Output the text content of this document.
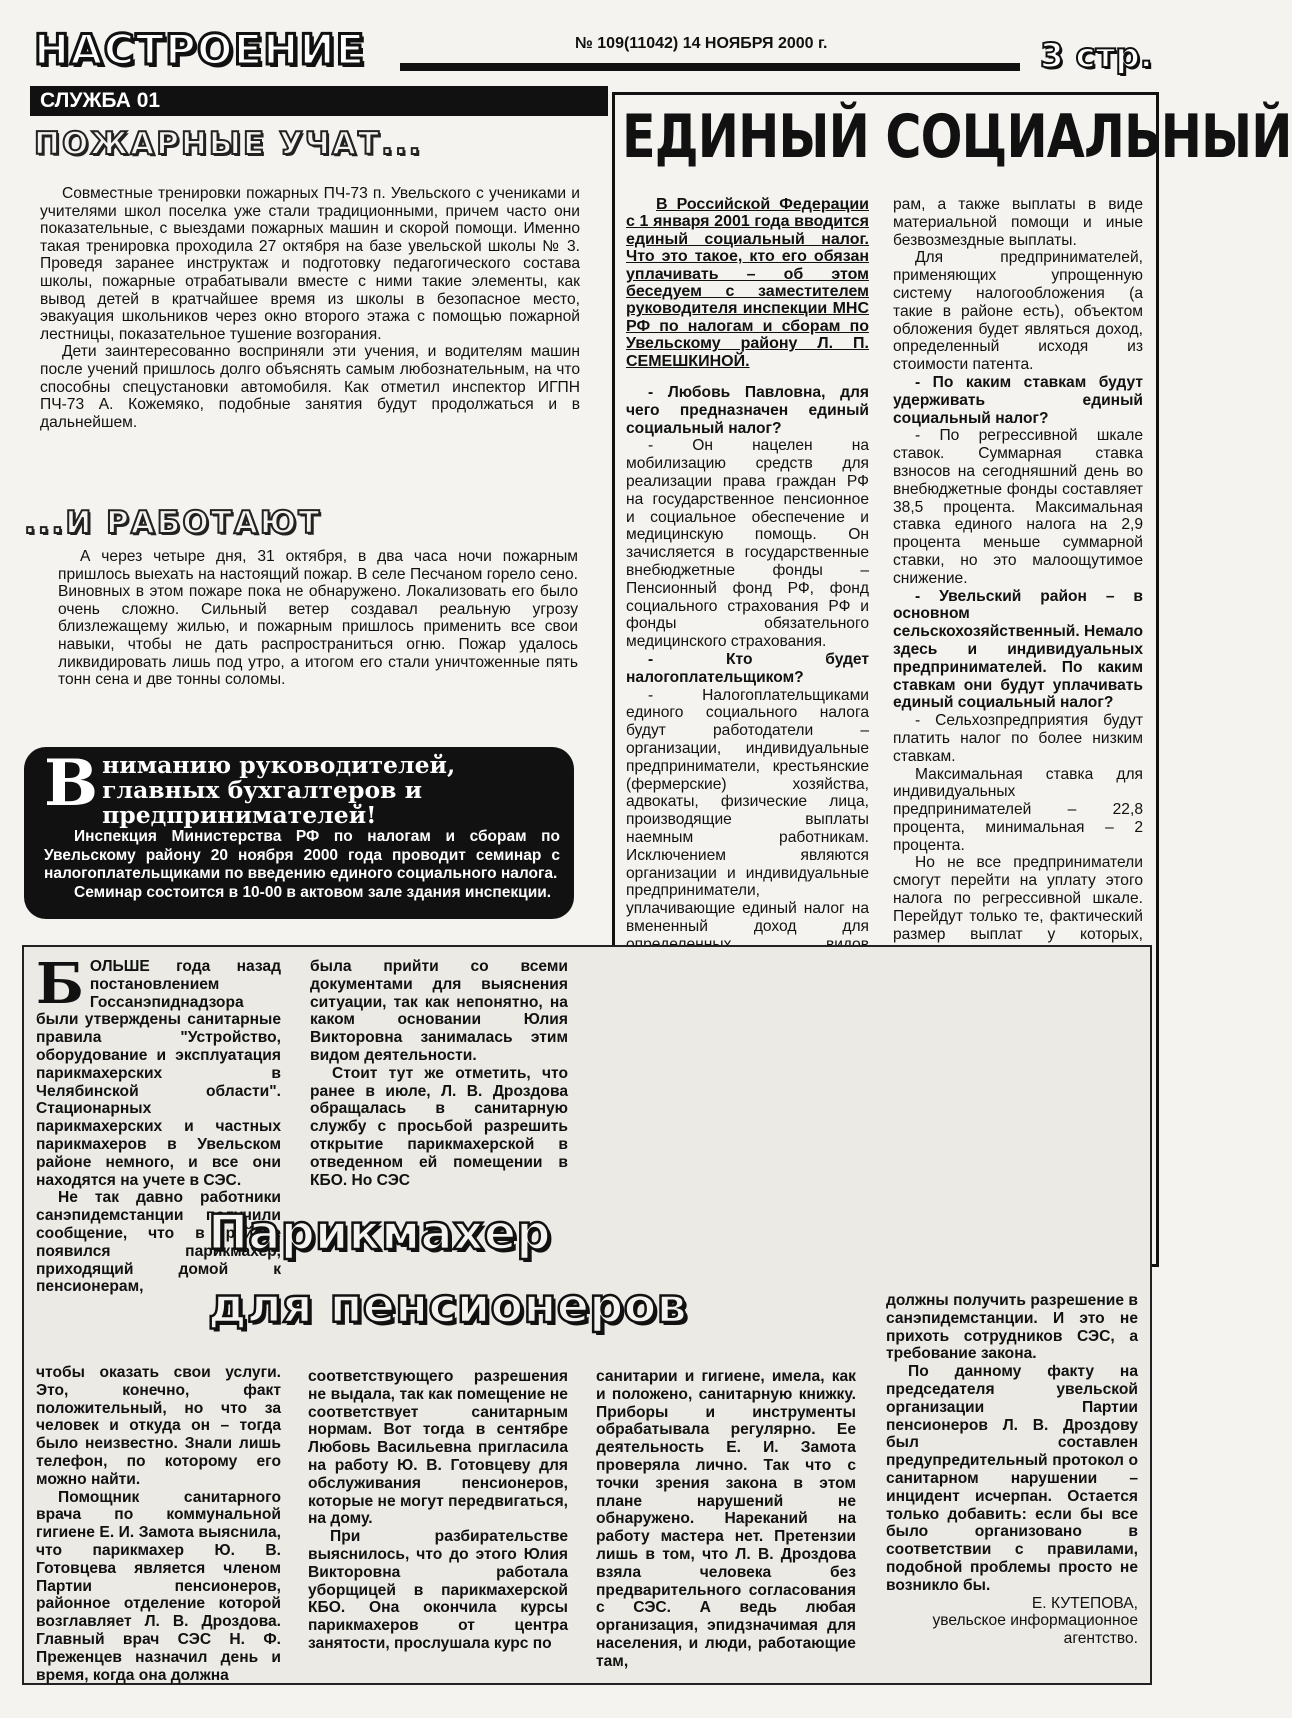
НАСТРОЕНИЕ	№ 109(11042) 14 НОЯБРЯ 2000 г.	3 стр.
СЛУЖБА 01
ПОЖАРНЫЕ УЧАТ...

Совместные тренировки пожарных ПЧ-73 п. Увельского с учениками и учителями школ поселка уже стали традиционными, причем часто они показательные, с выездами пожарных машин и скорой помощи. Именно такая тренировка проходила 27 октября на базе увельской школы № 3. Проведя заранее инструктаж и подготовку педагогического состава школы, пожарные отрабатывали вместе с ними такие элементы, как вывод детей в кратчайшее время из школы в безопасное место, эвакуация школьников через окно второго этажа с помощью пожарной лестницы, показательное тушение возгорания.

Дети заинтересованно восприняли эти учения, и водителям машин после учений пришлось долго объяснять самым любознательным, на что способны спецустановки автомобиля. Как отметил инспектор ИГПН ПЧ-73 А. Кожемяко, подобные занятия будут продолжаться и в дальнейшем.

...И РАБОТАЮТ

А через четыре дня, 31 октября, в два часа ночи пожарным пришлось выехать на настоящий пожар. В селе Песчаном горело сено. Виновных в этом пожаре пока не обнаружено. Локализовать его было очень сложно. Сильный ветер создавал реальную угрозу близлежащему жилью, и пожарным пришлось применить все свои навыки, чтобы не дать распространиться огню. Пожар удалось ликвидировать лишь под утро, а итогом его стали уничтоженные пять тонн сена и две тонны соломы.

В ниманию руководителей, главных бухгалтеров и предпринимателей!
Инспекция Министерства РФ по налогам и сборам по Увельскому району 20 ноября 2000 года проводит семинар с налогоплательщиками по введению единого социального налога.
Семинар состоится в 10-00 в актовом зале здания инспекции.
ЕДИНЫЙ СОЦИАЛЬНЫЙ
В Российской Федерации с 1 января 2001 года вводится единый социальный налог. Что это такое, кто его обязан уплачивать – об этом беседуем с заместителем руководителя инспекции МНС РФ по налогам и сборам по Увельскому району Л. П. СЕМЕШКИНОЙ.

- Любовь Павловна, для чего предназначен единый социальный налог?

- Он нацелен на мобилизацию средств для реализации права граждан РФ на государственное пенсионное и социальное обеспечение и медицинскую помощь. Он зачисляется в государственные внебюджетные фонды – Пенсионный фонд РФ, фонд социального страхования РФ и фонды обязательного медицинского страхования.

- Кто будет налогоплательщиком?

- Налогоплательщиками единого социального налога будут работодатели – организации, индивидуальные предприниматели, крестьянские (фермерские) хозяйства, адвокаты, физические лица, производящие выплаты наемным работникам. Исключением являются организации и индивидуальные предприниматели, уплачивающие единый налог на вмененный доход для

рам, а также выплаты в виде материальной помощи и иные безвозмездные выплаты.

Для предпринимателей, применяющих упрощенную систему налогообложения (а такие в районе есть), объектом обложения будет являться доход, определенный исходя из стоимости патента.

- По каким ставкам будут удерживать единый социальный налог?

- По регрессивной шкале ставок. Суммарная ставка взносов на сегодняшний день во внебюджетные фонды составляет 38,5 процента. Максимальная ставка единого налога на 2,9 процента меньше суммарной ставки, но это малоощутимое снижение.

- Увельский район – в основном сельскохозяйственный. Немало здесь и индивидуальных предпринимателей. По каким ставкам они будут уплачивать единый социальный налог?

- Сельхозпредприятия будут платить налог по более низким ставкам.

Максимальная ставка для индивидуальных предпринимателей – 22,8 процента, минимальная – 2 процента.

Но не все предприниматели смогут перейти на уплату этого налога по регрессивной шкале. Перейдут только те, фактический размер выплат у которых,

Б ОЛЬШЕ года назад постановлением Госсанэпиднадзора были утверждены санитарные правила "Устройство, оборудование и эксплуатация парикмахерских в Челябинской области". Стационарных парикмахерских и частных парикмахеров в Увельском районе немного, и все они находятся на учете в СЭС.

Не так давно работники санэпидемстанции получили сообщение, что в районе появился парикмахер, приходящий домой к пенсионерам,

чтобы оказать свои услуги. Это, конечно, факт положительный, но что за человек и откуда он – тогда было неизвестно. Знали лишь телефон, по которому его можно найти.

Помощник санитарного врача по коммунальной гигиене Е. И. Замота выяснила, что парикмахер Ю. В. Готовцева является членом Партии пенсионеров, районное отделение которой возглавляет Л. В. Дроздова. Главный врач СЭС Н. Ф. Преженцев назначил день и время, когда она должна

была прийти со всеми документами для выяснения ситуации, так как непонятно, на каком основании Юлия Викторовна занималась этим видом деятельности.

Стоит тут же отметить, что ранее в июле, Л. В. Дроздова обращалась в санитарную службу с просьбой разрешить открытие парикмахерской в отведенном ей помещении в КБО. Но СЭС

Парикмахер
для пенсионеров

соответствующего разрешения не выдала, так как помещение не соответствует санитарным нормам. Вот тогда в сентябре Любовь Васильевна пригласила на работу Ю. В. Готовцеву для обслуживания пенсионеров, которые не могут передвигаться, на дому.

При разбирательстве выяснилось, что до этого Юлия Викторовна работала уборщицей в парикмахерской КБО. Она окончила курсы парикмахеров от центра занятости, прослушала курс по

санитарии и гигиене, имела, как и положено, санитарную книжку. Приборы и инструменты обрабатывала регулярно. Ее деятельность Е. И. Замота проверяла лично. Так что с точки зрения закона в этом плане нарушений не обнаружено. Нареканий на работу мастера нет. Претензии лишь в том, что Л. В. Дроздова взяла человека без предварительного согласования с СЭС. А ведь любая организация, эпидзначимая для населения, и люди, работающие там,

должны получить разрешение в санэпидемстанции. И это не прихоть сотрудников СЭС, а требование закона.

По данному факту на председателя увельской организации Партии пенсионеров Л. В. Дроздову был составлен предупредительный протокол о санитарном нарушении – инцидент исчерпан. Остается только добавить: если бы все было организовано в соответствии с правилами, подобной проблемы просто не возникло бы.

Е. КУТЕПОВА,
увельское информационное агентство.
